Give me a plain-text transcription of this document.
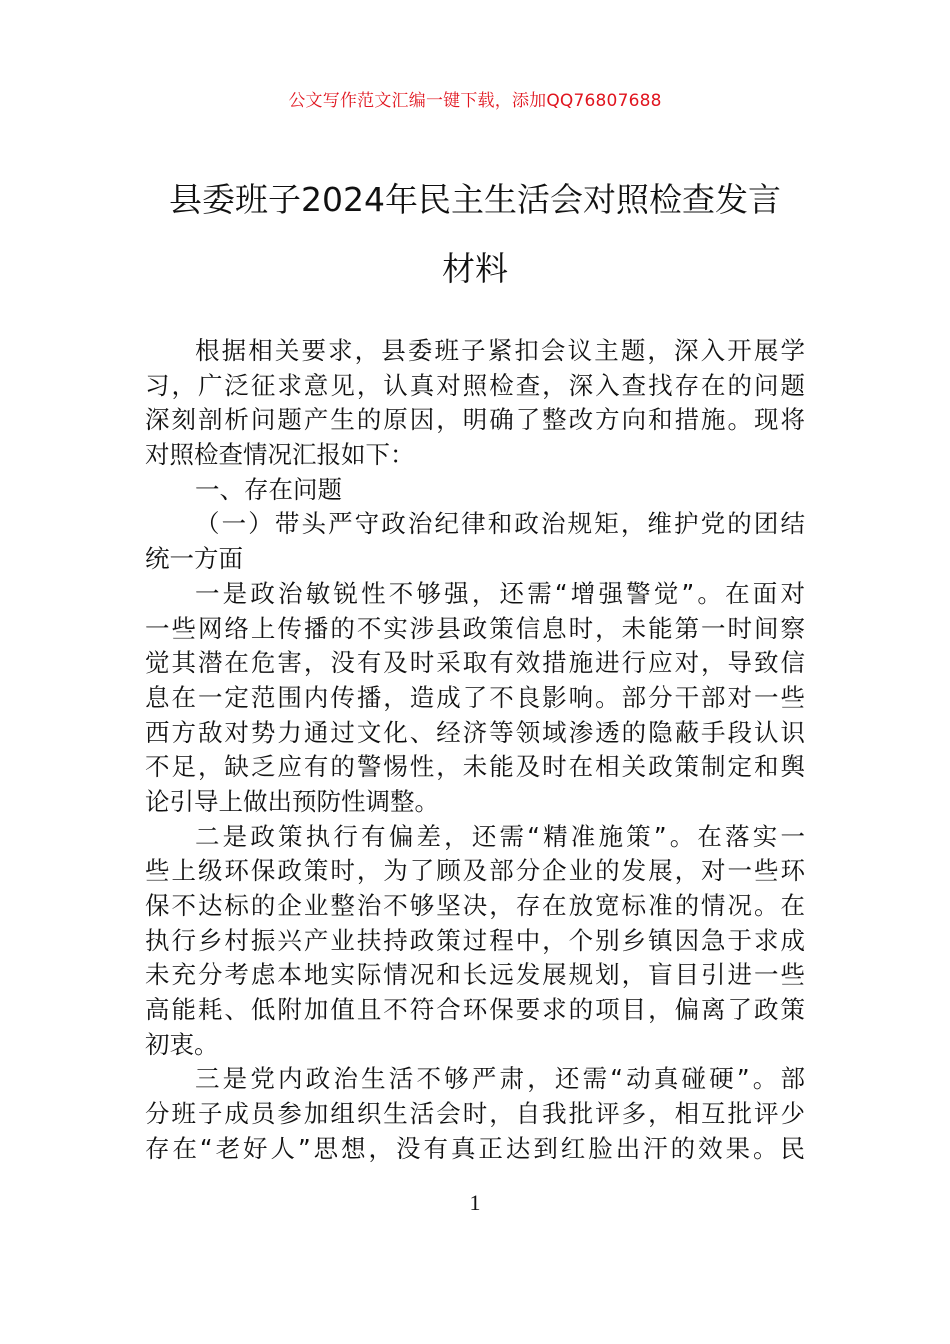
公文写作范文汇编一键下载，添加QQ76807688
县委班子2024年民主生活会对照检查发言
材料
根据相关要求，县委班子紧扣会议主题，深入开展学
习，广泛征求意见，认真对照检查，深入查找存在的问题
深刻剖析问题产生的原因，明确了整改方向和措施。现将
对照检查情况汇报如下：
一、存在问题
（一）带头严守政治纪律和政治规矩，维护党的团结
统一方面
一是政治敏锐性不够强，还需“增强警觉”。在面对
一些网络上传播的不实涉县政策信息时，未能第一时间察
觉其潜在危害，没有及时采取有效措施进行应对，导致信
息在一定范围内传播，造成了不良影响。部分干部对一些
西方敌对势力通过文化、经济等领域渗透的隐蔽手段认识
不足，缺乏应有的警惕性，未能及时在相关政策制定和舆
论引导上做出预防性调整。
二是政策执行有偏差，还需“精准施策”。在落实一
些上级环保政策时，为了顾及部分企业的发展，对一些环
保不达标的企业整治不够坚决，存在放宽标准的情况。在
执行乡村振兴产业扶持政策过程中，个别乡镇因急于求成
未充分考虑本地实际情况和长远发展规划，盲目引进一些
高能耗、低附加值且不符合环保要求的项目，偏离了政策
初衷。
三是党内政治生活不够严肃，还需“动真碰硬”。部
分班子成员参加组织生活会时，自我批评多，相互批评少
存在“老好人”思想，没有真正达到红脸出汗的效果。民
1
